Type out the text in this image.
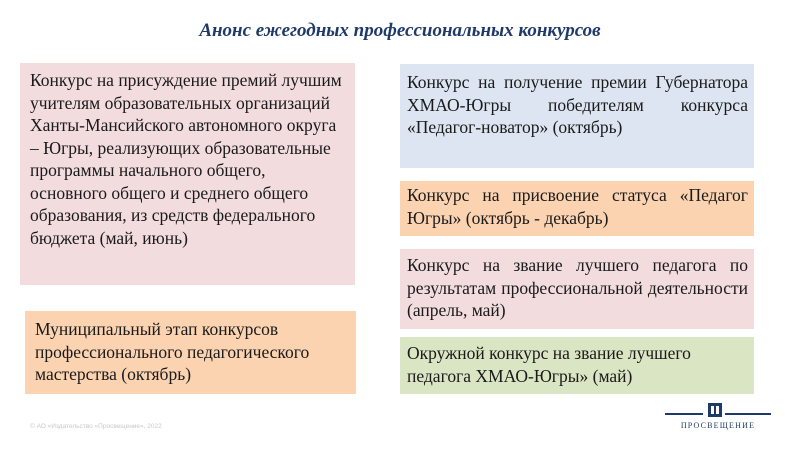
Анонс ежегодных профессиональных конкурсов
Конкурс на присуждение премий лучшим учителям образовательных организаций Ханты-Мансийского автономного округа – Югры, реализующих образовательные программы начального общего, основного общего и среднего общего образования, из средств федерального бюджета (май, июнь)
Муниципальный этап конкурсов профессионального педагогического мастерства (октябрь)
Конкурс на получение премии Губернатора ХМАО-Югры победителям конкурса «Педагог-новатор» (октябрь)
Конкурс на присвоение статуса «Педагог Югры» (октябрь - декабрь)
Конкурс на звание лучшего педагога по результатам профессиональной деятельности (апрель, май)
Окружной конкурс на звание лучшего педагога ХМАО-Югры» (май)
© АО «Издательство «Просвещение», 2022	ПРОСВЕЩЕНИЕ
